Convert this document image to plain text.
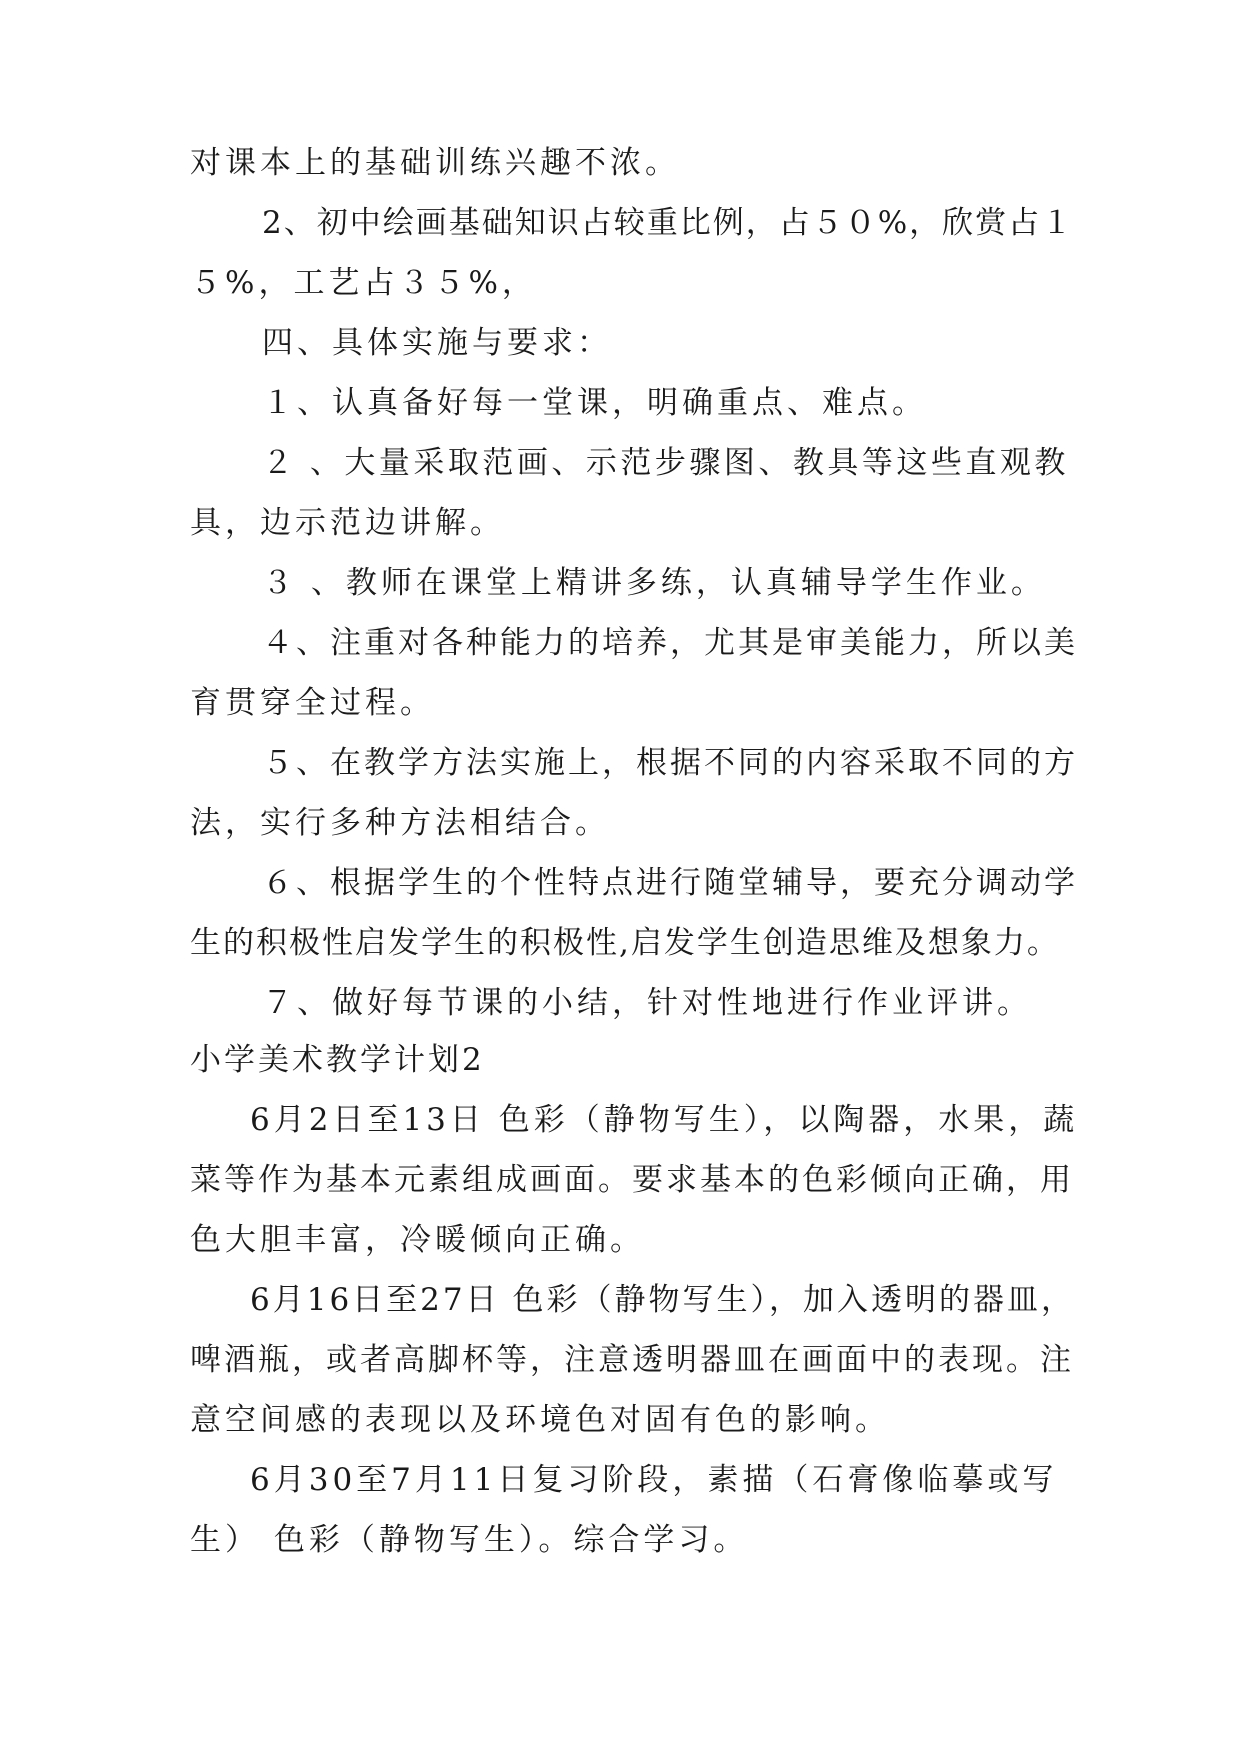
对课本上的基础训练兴趣不浓。

2、初中绘画基础知识占较重比例，占５０%，欣赏占１

５%，工艺占３５%，

四、具体实施与要求：

１、认真备好每一堂课，明确重点、难点。

２ 、大量采取范画、示范步骤图、教具等这些直观教

具，边示范边讲解。

３ 、教师在课堂上精讲多练，认真辅导学生作业。

４、注重对各种能力的培养，尤其是审美能力，所以美

育贯穿全过程。

５、在教学方法实施上，根据不同的内容采取不同的方

法，实行多种方法相结合。

６、根据学生的个性特点进行随堂辅导，要充分调动学

生的积极性启发学生的积极性,启发学生创造思维及想象力。

７、做好每节课的小结，针对性地进行作业评讲。

小学美术教学计划2

6月2日至13日 色彩（静物写生），以陶器，水果，蔬

菜等作为基本元素组成画面。要求基本的色彩倾向正确，用

色大胆丰富，冷暖倾向正确。

6月16日至27日 色彩（静物写生），加入透明的器皿，

啤酒瓶，或者高脚杯等，注意透明器皿在画面中的表现。注

意空间感的表现以及环境色对固有色的影响。

6月30至7月11日复习阶段，素描（石膏像临摹或写

生） 色彩（静物写生）。综合学习。
